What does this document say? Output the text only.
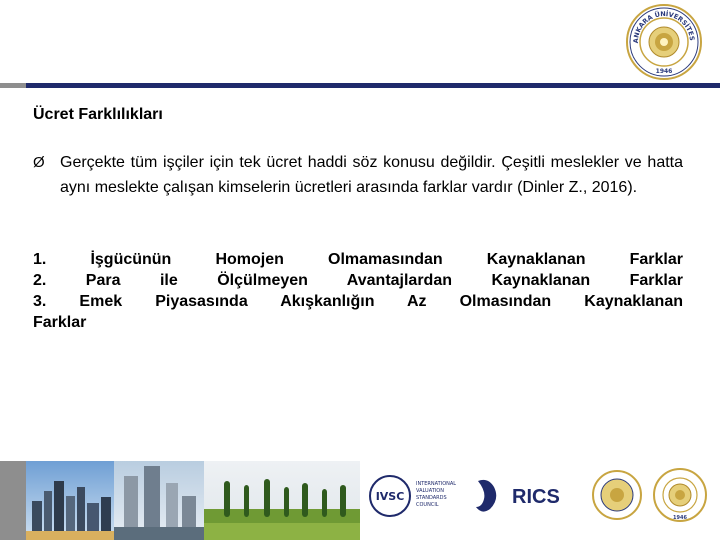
ANKARA ÜNİVERSİTES
1946
Ücret Farklılıkları
Ø Gerçekte tüm işçiler için tek ücret haddi söz konusu değildir. Çeşitli meslekler ve hatta aynı meslekte çalışan kimselerin ücretleri arasında farklar vardır (Dinler Z., 2016).
1. İşgücünün Homojen Olmamasından Kaynaklanan Farklar
2. Para ile Ölçülmeyen Avantajlardan Kaynaklanan Farklar
3. Emek Piyasasında Akışkanlığın Az Olmasından Kaynaklanan
Farklar
IVSC
INTERNATIONAL
VALUATION
STANDARDS
COUNCIL	RICS
1946
